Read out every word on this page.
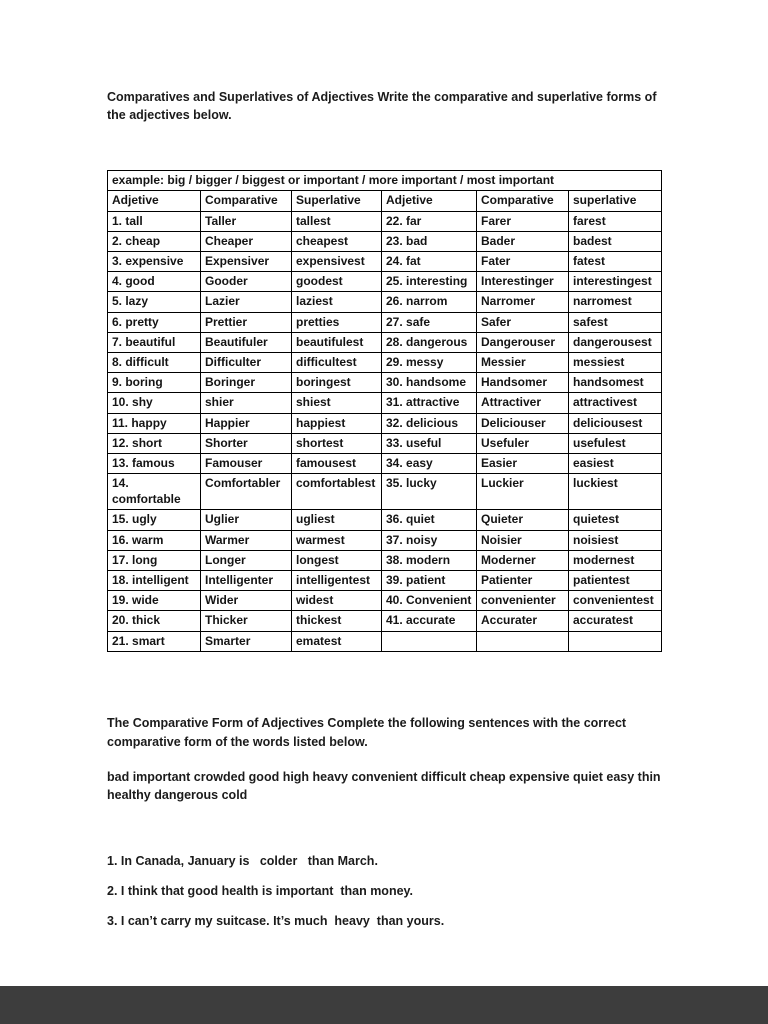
Comparatives and Superlatives of Adjectives Write the comparative and superlative forms of the adjectives below.

example: big / bigger / biggest or important / more important / most important					
Adjetive	Comparative	Superlative	Adjetive	Comparative	superlative
1. tall	Taller	tallest	22. far	Farer	farest
2. cheap	Cheaper	cheapest	23. bad	Bader	badest
3. expensive	Expensiver	expensivest	24. fat	Fater	fatest
4. good	Gooder	goodest	25. interesting	Interestinger	interestingest
5. lazy	Lazier	laziest	26. narrom	Narromer	narromest
6. pretty	Prettier	pretties	27. safe	Safer	safest
7. beautiful	Beautifuler	beautifulest	28. dangerous	Dangerouser	dangerousest
8. difficult	Difficulter	difficultest	29. messy	Messier	messiest
9. boring	Boringer	boringest	30. handsome	Handsomer	handsomest
10. shy	shier	shiest	31. attractive	Attractiver	attractivest
11. happy	Happier	happiest	32. delicious	Deliciouser	deliciousest
12. short	Shorter	shortest	33. useful	Usefuler	usefulest
13. famous	Famouser	famousest	34. easy	Easier	easiest
14. comfortable	Comfortabler	comfortablest	35. lucky	Luckier	luckiest
15. ugly	Uglier	ugliest	36. quiet	Quieter	quietest
16. warm	Warmer	warmest	37. noisy	Noisier	noisiest
17. long	Longer	longest	38. modern	Moderner	modernest
18. intelligent	Intelligenter	intelligentest	39. patient	Patienter	patientest
19. wide	Wider	widest	40. Convenient	convenienter	convenientest
20. thick	Thicker	thickest	41. accurate	Accurater	accuratest
21. smart	Smarter	ematest			

The Comparative Form of Adjectives Complete the following sentences with the correct comparative form of the words listed below.

bad important crowded good high heavy convenient difficult cheap expensive quiet easy thin healthy dangerous cold

1. In Canada, January is   colder   than March.

2. I think that good health is important  than money.

3. I can’t carry my suitcase. It’s much  heavy  than yours.
